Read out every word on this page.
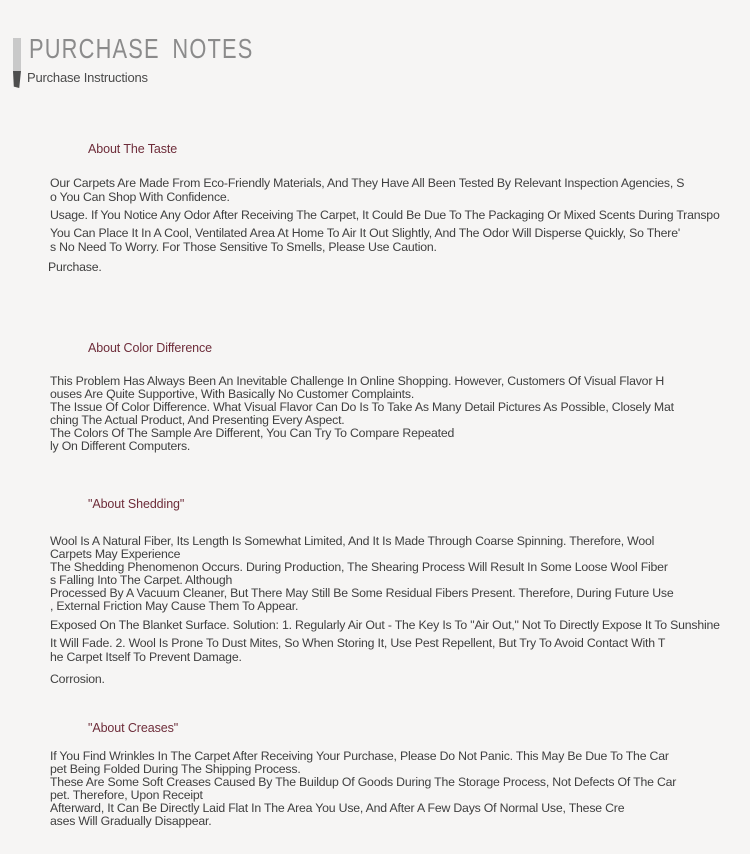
PURCHASE NOTES
Purchase Instructions
About The Taste
Our Carpets Are Made From Eco-Friendly Materials, And They Have All Been Tested By Relevant Inspection Agencies, S
o You Can Shop With Confidence.
Usage. If You Notice Any Odor After Receiving The Carpet, It Could Be Due To The Packaging Or Mixed Scents During Transpo
You Can Place It In A Cool, Ventilated Area At Home To Air It Out Slightly, And The Odor Will Disperse Quickly, So There'
s No Need To Worry. For Those Sensitive To Smells, Please Use Caution.
Purchase.
About Color Difference
This Problem Has Always Been An Inevitable Challenge In Online Shopping. However, Customers Of Visual Flavor H
ouses Are Quite Supportive, With Basically No Customer Complaints.
The Issue Of Color Difference. What Visual Flavor Can Do Is To Take As Many Detail Pictures As Possible, Closely Mat
ching The Actual Product, And Presenting Every Aspect.
The Colors Of The Sample Are Different, You Can Try To Compare Repeated
ly On Different Computers.
"About Shedding"
Wool Is A Natural Fiber, Its Length Is Somewhat Limited, And It Is Made Through Coarse Spinning. Therefore, Wool
Carpets May Experience
The Shedding Phenomenon Occurs. During Production, The Shearing Process Will Result In Some Loose Wool Fiber
s Falling Into The Carpet. Although
Processed By A Vacuum Cleaner, But There May Still Be Some Residual Fibers Present. Therefore, During Future Use
, External Friction May Cause Them To Appear.
Exposed On The Blanket Surface. Solution: 1. Regularly Air Out - The Key Is To "Air Out," Not To Directly Expose It To Sunshine
It Will Fade. 2. Wool Is Prone To Dust Mites, So When Storing It, Use Pest Repellent, But Try To Avoid Contact With T
he Carpet Itself To Prevent Damage.
Corrosion.
"About Creases"
If You Find Wrinkles In The Carpet After Receiving Your Purchase, Please Do Not Panic. This May Be Due To The Car
pet Being Folded During The Shipping Process.
These Are Some Soft Creases Caused By The Buildup Of Goods During The Storage Process, Not Defects Of The Car
pet. Therefore, Upon Receipt
Afterward, It Can Be Directly Laid Flat In The Area You Use, And After A Few Days Of Normal Use, These Cre
ases Will Gradually Disappear.
